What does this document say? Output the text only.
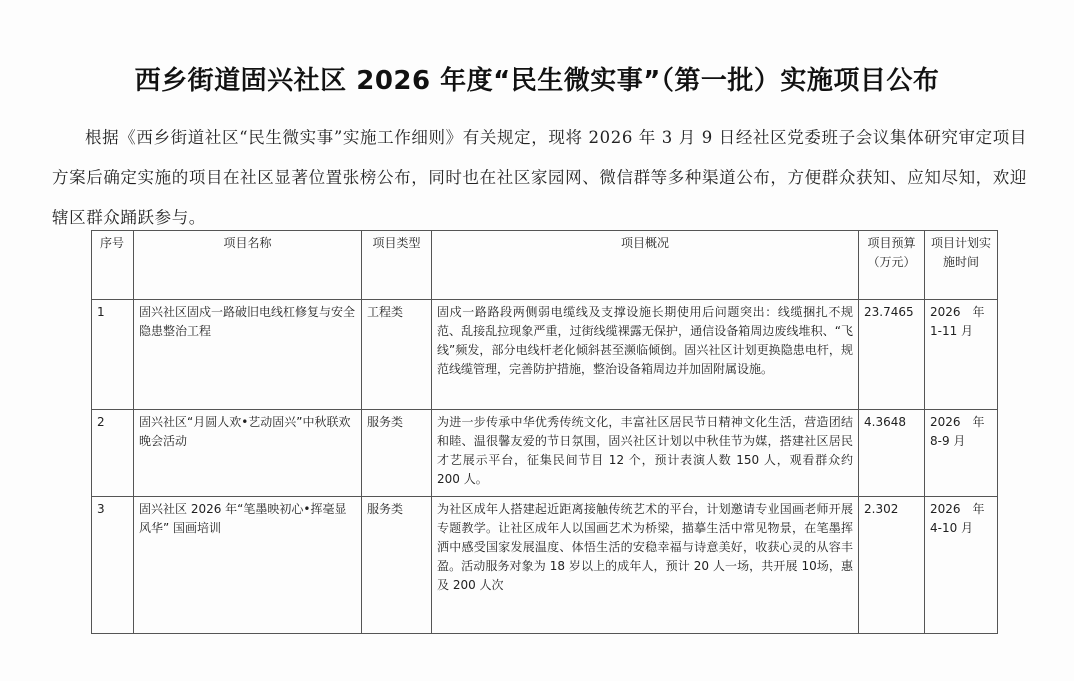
西乡街道固兴社区 2026 年度“民生微实事”（第一批）实施项目公布
根据《西乡街道社区“民生微实事”实施工作细则》有关规定，现将 2026 年 3 月 9 日经社区党委班子会议集体研究审定项目方案后确定实施的项目在社区显著位置张榜公布，同时也在社区家园网、微信群等多种渠道公布，方便群众获知、应知尽知，欢迎辖区群众踊跃参与。
序号	项目名称	项目类型	项目概况	项目预算（万元）	项目计划实施时间
1	固兴社区固戍一路破旧电线杠修复与安全隐患整治工程	工程类	固戍一路路段两侧弱电缆线及支撑设施长期使用后问题突出：线缆捆扎不规范、乱接乱拉现象严重，过街线缆裸露无保护，通信设备箱周边废线堆积、“飞线”频发，部分电线杆老化倾斜甚至濒临倾倒。固兴社区计划更换隐患电杆，规范线缆管理，完善防护措施，整治设备箱周边并加固附属设施。	23.7465	2026　年
1-11 月

2	固兴社区“月圆人欢•艺动固兴”中秋联欢晚会活动	服务类	为进一步传承中华优秀传统文化，丰富社区居民节日精神文化生活，营造团结和睦、温很馨友爱的节日氛围，固兴社区计划以中秋佳节为媒，搭建社区居民才艺展示平台，征集民间节目 12 个，预计表演人数 150 人，观看群众约 200 人。	4.3648	2026　年
8-9 月

3	固兴社区 2026 年“笔墨映初心•挥毫显风华” 国画培训	服务类	为社区成年人搭建起近距离接触传统艺术的平台，计划邀请专业国画老师开展专题教学。让社区成年人以国画艺术为桥梁，描摹生活中常见物景，在笔墨挥洒中感受国家发展温度、体悟生活的安稳幸福与诗意美好，收获心灵的从容丰盈。活动服务对象为 18 岁以上的成年人，预计 20 人一场，共开展 10场，惠及 200 人次	2.302	2026　年
4-10 月
